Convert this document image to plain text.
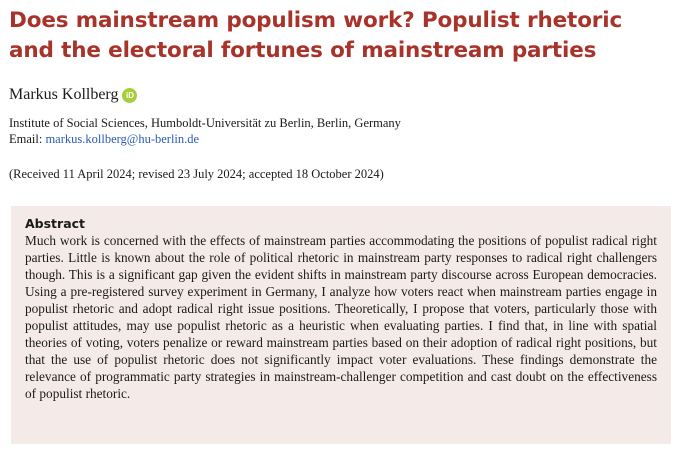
Does mainstream populism work? Populist rhetoric and the electoral fortunes of mainstream parties
Markus Kollberg iD
Institute of Social Sciences, Humboldt-Universität zu Berlin, Berlin, Germany
Email: markus.kollberg@hu-berlin.de
(Received 11 April 2024; revised 23 July 2024; accepted 18 October 2024)
Abstract

Much work is concerned with the effects of mainstream parties accommodating the positions of populist radical right parties. Little is known about the role of political rhetoric in mainstream party responses to radical right challengers though. This is a significant gap given the evident shifts in mainstream party discourse across European democracies. Using a pre-registered survey experiment in Germany, I analyze how voters react when mainstream parties engage in populist rhetoric and adopt radical right issue positions. Theoretically, I propose that voters, particularly those with populist attitudes, may use populist rhetoric as a heuristic when evaluating parties. I find that, in line with spatial theories of voting, voters penalize or reward mainstream parties based on their adoption of radical right positions, but that the use of populist rhetoric does not significantly impact voter evaluations. These findings demonstrate the relevance of programmatic party strategies in mainstream-challenger competition and cast doubt on the effectiveness of populist rhetoric.
